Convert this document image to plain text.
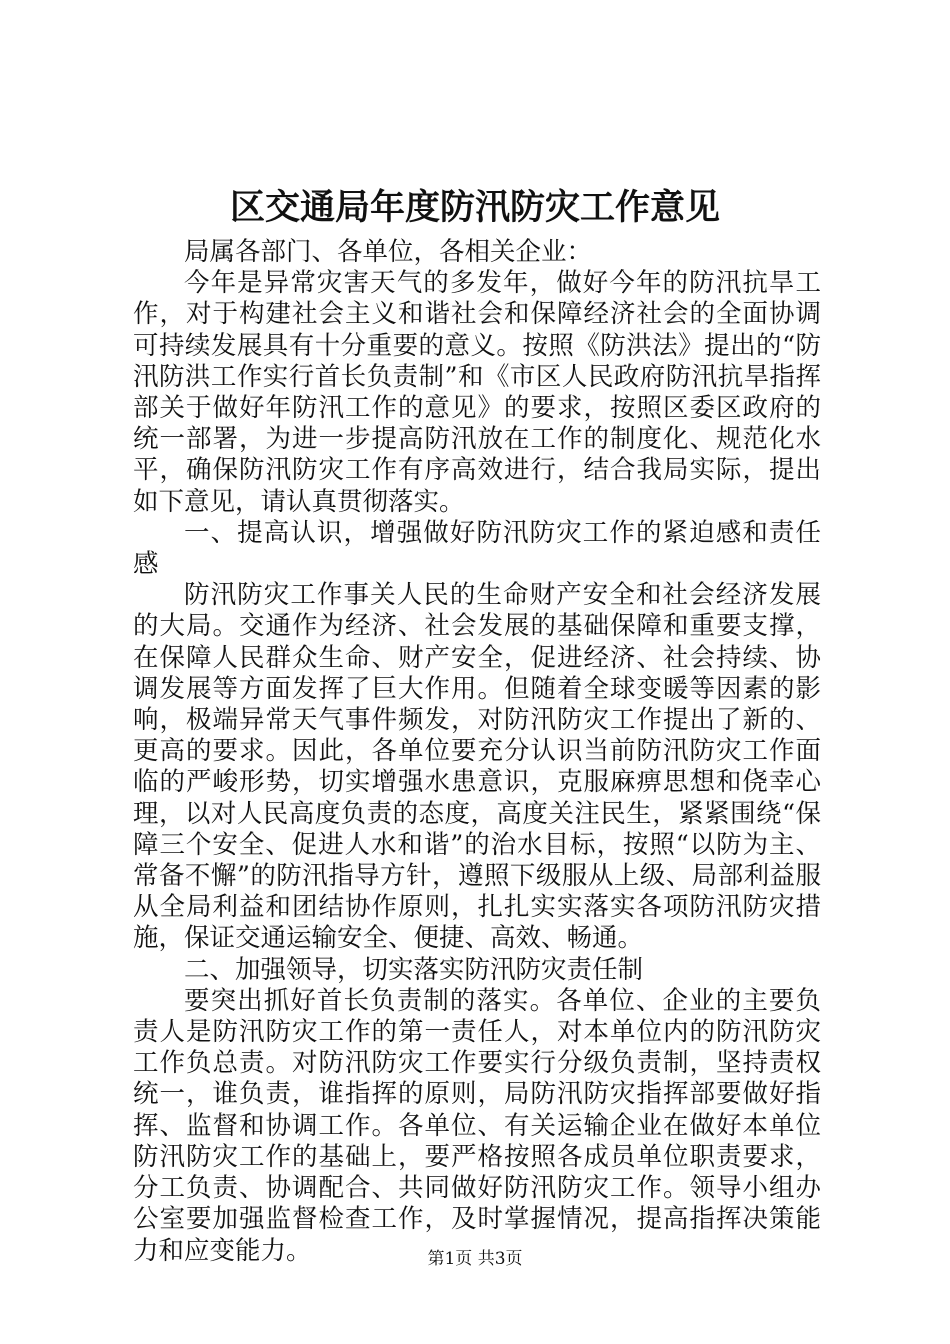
区交通局年度防汛防灾工作意见

局属各部门、各单位，各相关企业：

今年是异常灾害天气的多发年，做好今年的防汛抗旱工作，对于构建社会主义和谐社会和保障经济社会的全面协调可持续发展具有十分重要的意义。按照《防洪法》提出的“防汛防洪工作实行首长负责制”和《市区人民政府防汛抗旱指挥部关于做好年防汛工作的意见》的要求，按照区委区政府的统一部署，为进一步提高防汛放在工作的制度化、规范化水平，确保防汛防灾工作有序高效进行，结合我局实际，提出如下意见，请认真贯彻落实。

一、提高认识，增强做好防汛防灾工作的紧迫感和责任感

防汛防灾工作事关人民的生命财产安全和社会经济发展的大局。交通作为经济、社会发展的基础保障和重要支撑，在保障人民群众生命、财产安全，促进经济、社会持续、协调发展等方面发挥了巨大作用。但随着全球变暖等因素的影响，极端异常天气事件频发，对防汛防灾工作提出了新的、更高的要求。因此，各单位要充分认识当前防汛防灾工作面临的严峻形势，切实增强水患意识，克服麻痹思想和侥幸心理，以对人民高度负责的态度，高度关注民生，紧紧围绕“保障三个安全、促进人水和谐”的治水目标，按照“以防为主、常备不懈”的防汛指导方针，遵照下级服从上级、局部利益服从全局利益和团结协作原则，扎扎实实落实各项防汛防灾措施，保证交通运输安全、便捷、高效、畅通。

二、加强领导，切实落实防汛防灾责任制

要突出抓好首长负责制的落实。各单位、企业的主要负责人是防汛防灾工作的第一责任人，对本单位内的防汛防灾工作负总责。对防汛防灾工作要实行分级负责制，坚持责权统一，谁负责，谁指挥的原则，局防汛防灾指挥部要做好指挥、监督和协调工作。各单位、有关运输企业在做好本单位防汛防灾工作的基础上，要严格按照各成员单位职责要求，分工负责、协调配合、共同做好防汛防灾工作。领导小组办公室要加强监督检查工作，及时掌握情况，提高指挥决策能力和应变能力。	第1页 共3页
